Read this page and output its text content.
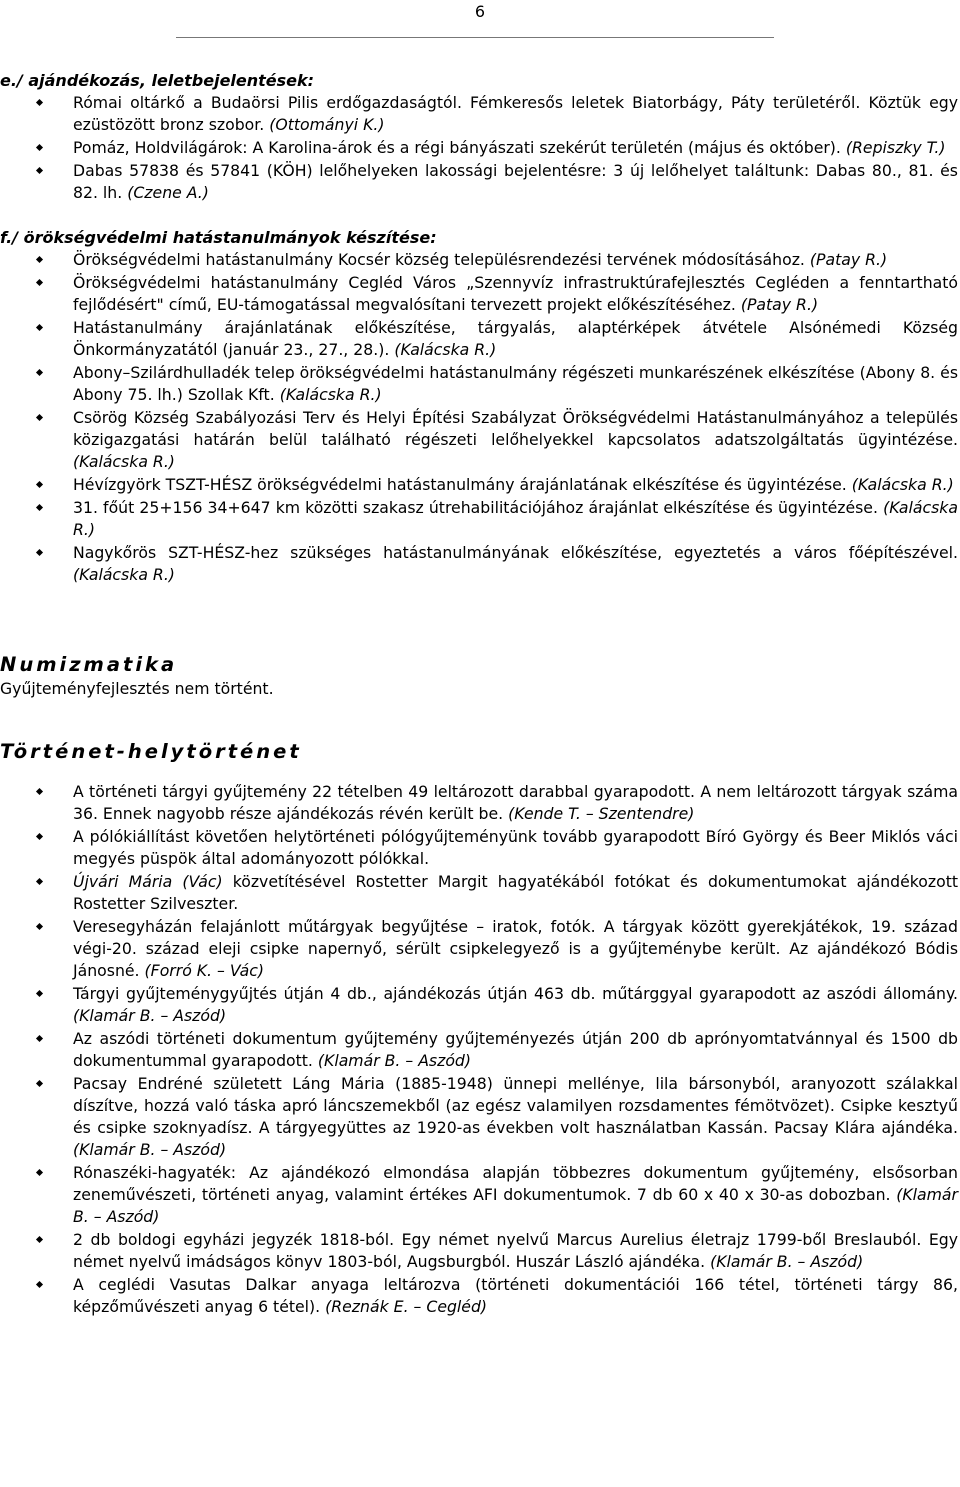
6

e./ ajándékozás, leletbejelentések:

Római oltárkő a Budaörsi Pilis erdőgazdaságtól. Fémkeresős leletek Biatorbágy, Páty területéről. Köztük egy ezüstözött bronz szobor. (Ottományi K.)
Pomáz, Holdvilágárok: A Karolina-árok és a régi bányászati szekérút területén (május és október). (Repiszky T.)
Dabas 57838 és 57841 (KÖH) lelőhelyeken lakossági bejelentésre: 3 új lelőhelyet találtunk: Dabas 80., 81. és 82. lh. (Czene A.)

f./ örökségvédelmi hatástanulmányok készítése:

Örökségvédelmi hatástanulmány Kocsér község településrendezési tervének módosításához. (Patay R.)
Örökségvédelmi hatástanulmány Cegléd Város „Szennyvíz infrastruktúrafejlesztés Cegléden a fenntartható fejlődésért" című, EU-támogatással megvalósítani tervezett projekt előkészítéséhez. (Patay R.)
Hatástanulmány árajánlatának előkészítése, tárgyalás, alaptérképek átvétele Alsónémedi Község Önkormányzatától (január 23., 27., 28.). (Kalácska R.)
Abony–Szilárdhulladék telep örökségvédelmi hatástanulmány régészeti munkarészének elkészítése (Abony 8. és Abony 75. lh.) Szollak Kft. (Kalácska R.)
Csörög Község Szabályozási Terv és Helyi Építési Szabályzat Örökségvédelmi Hatástanulmányához a település közigazgatási határán belül található régészeti lelőhelyekkel kapcsolatos adatszolgáltatás ügyintézése. (Kalácska R.)
Hévízgyörk TSZT-HÉSZ örökségvédelmi hatástanulmány árajánlatának elkészítése és ügyintézése. (Kalácska R.)
31. főút 25+156 34+647 km közötti szakasz útrehabilitációjához árajánlat elkészítése és ügyintézése. (Kalácska R.)
Nagykőrös SZT-HÉSZ-hez szükséges hatástanulmányának előkészítése, egyeztetés a város főépítészével. (Kalácska R.)

Numizmatika

Gyűjteményfejlesztés nem történt.

Történet-helytörténet

A történeti tárgyi gyűjtemény 22 tételben 49 leltározott darabbal gyarapodott. A nem leltározott tárgyak száma 36. Ennek nagyobb része ajándékozás révén került be. (Kende T. – Szentendre)
A pólókiállítást követően helytörténeti pólógyűjteményünk tovább gyarapodott Bíró György és Beer Miklós váci megyés püspök által adományozott pólókkal.
Újvári Mária (Vác) közvetítésével Rostetter Margit hagyatékából fotókat és dokumentumokat ajándékozott Rostetter Szilveszter.
Veresegyházán felajánlott műtárgyak begyűjtése – iratok, fotók. A tárgyak között gyerekjátékok, 19. század végi-20. század eleji csipke napernyő, sérült csipkelegyező is a gyűjteménybe került. Az ajándékozó Bódis Jánosné. (Forró K. – Vác)
Tárgyi gyűjteménygyűjtés útján 4 db., ajándékozás útján 463 db. műtárggyal gyarapodott az aszódi állomány. (Klamár B. – Aszód)
Az aszódi történeti dokumentum gyűjtemény gyűjteményezés útján 200 db aprónyomtatvánnyal és 1500 db dokumentummal gyarapodott. (Klamár B. – Aszód)
Pacsay Endréné született Láng Mária (1885-1948) ünnepi mellénye, lila bársonyból, aranyozott szálakkal díszítve, hozzá való táska apró láncszemekből (az egész valamilyen rozsdamentes fémötvözet). Csipke kesztyű és csipke szoknyadísz. A tárgyegyüttes az 1920-as években volt használatban Kassán. Pacsay Klára ajándéka. (Klamár B. – Aszód)
Rónaszéki-hagyaték: Az ajándékozó elmondása alapján többezres dokumentum gyűjtemény, elsősorban zeneművészeti, történeti anyag, valamint értékes AFI dokumentumok. 7 db 60 x 40 x 30-as dobozban. (Klamár B. – Aszód)
2 db boldogi egyházi jegyzék 1818-ból. Egy német nyelvű Marcus Aurelius életrajz 1799-ből Breslauból. Egy német nyelvű imádságos könyv 1803-ból, Augsburgból. Huszár László ajándéka. (Klamár B. – Aszód)
A ceglédi Vasutas Dalkar anyaga leltározva (történeti dokumentációi 166 tétel, történeti tárgy 86, képzőművészeti anyag 6 tétel). (Reznák E. – Cegléd)
